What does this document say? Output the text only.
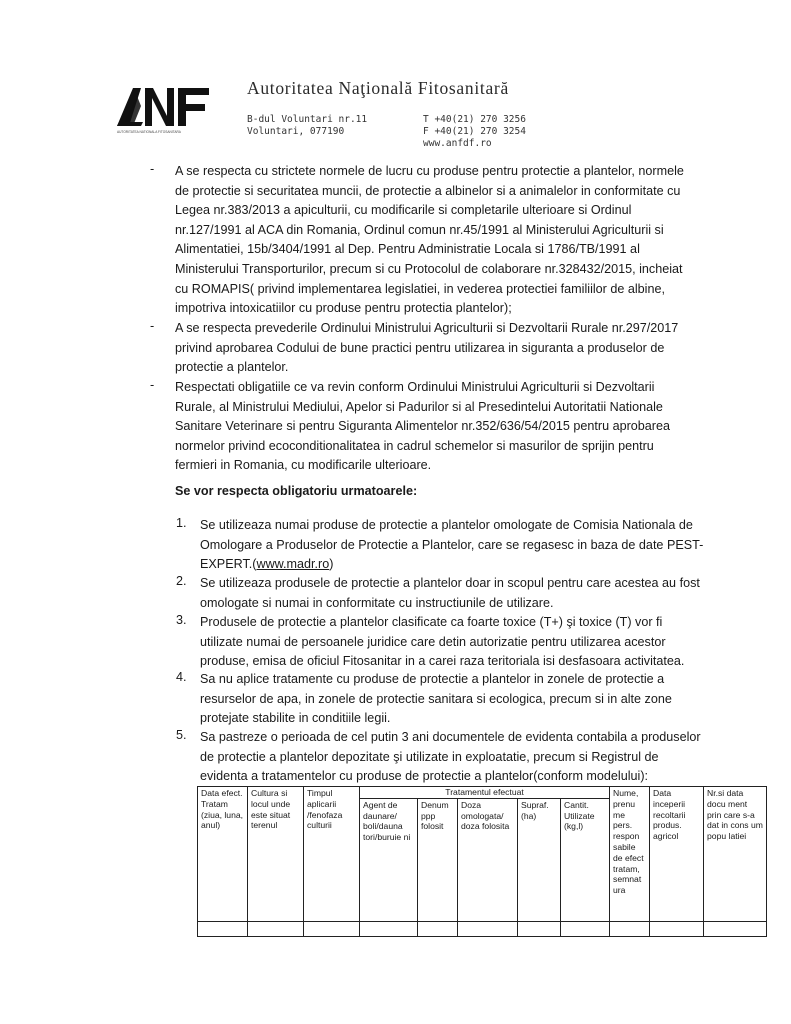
AUTORITATEA NATIONALA FITOSANITARA
Autoritatea Naţională Fitosanitară
B-dul Voluntari nr.11
Voluntari, 077190
T +40(21) 270 3256
F +40(21) 270 3254
www.anfdf.ro
- A se respecta cu strictete normele de lucru cu produse pentru protectie a plantelor, normele
de protectie si securitatea muncii, de protectie a albinelor si a animalelor in conformitate cu
Legea nr.383/2013 a apiculturii, cu modificarile si completarile ulterioare si Ordinul
nr.127/1991 al ACA din Romania, Ordinul comun nr.45/1991 al Ministerului Agriculturii si
Alimentatiei, 15b/3404/1991 al Dep. Pentru Administratie Locala si 1786/TB/1991 al
Ministerului Transporturilor, precum si cu Protocolul de colaborare nr.328432/2015, incheiat
cu ROMAPIS( privind implementarea legislatiei, in vederea protectiei familiilor de albine,
impotriva intoxicatiilor cu produse pentru protectia plantelor);
- A se respecta prevederile Ordinului Ministrului Agriculturii si Dezvoltarii Rurale nr.297/2017
privind aprobarea Codului de bune practici pentru utilizarea in siguranta a produselor de
protectie a plantelor.
- Respectati obligatiile ce va revin conform Ordinului Ministrului Agriculturii si Dezvoltarii
Rurale, al Ministrului Mediului, Apelor si Padurilor si al Presedintelui Autoritatii Nationale
Sanitare Veterinare si pentru Siguranta Alimentelor nr.352/636/54/2015 pentru aprobarea
normelor privind ecoconditionalitatea in cadrul schemelor si masurilor de sprijin pentru
fermieri in Romania, cu modificarile ulterioare.
Se vor respecta obligatoriu urmatoarele:
1. Se utilizeaza numai produse de protectie a plantelor omologate de Comisia Nationala de
Omologare a Produselor de Protectie a Plantelor, care se regasesc in baza de date PEST-
EXPERT.(www.madr.ro)
2. Se utilizeaza produsele de protectie a plantelor doar in scopul pentru care acestea au fost
omologate si numai in conformitate cu instructiunile de utilizare.
3. Produsele de protectie a plantelor clasificate ca foarte toxice (T+) şi toxice (T) vor fi
utilizate numai de persoanele juridice care detin autorizatie pentru utilizarea acestor
produse, emisa de oficiul Fitosanitar in a carei raza teritoriala isi desfasoara activitatea.
4. Sa nu aplice tratamente cu produse de protectie a plantelor in zonele de protectie a
resurselor de apa, in zonele de protectie sanitara si ecologica, precum si in alte zone
protejate stabilite in conditiile legii.
5. Sa pastreze o perioada de cel putin 3 ani documentele de evidenta contabila a produselor
de protectie a plantelor depozitate şi utilizate in exploatatie, precum si Registrul de
evidenta a tratamentelor cu produse de protectie a plantelor(conform modelului):
Data efect. Tratam (ziua, luna, anul)	Cultura si locul unde este situat terenul	Timpul aplicarii /fenofaza culturii	Tratamentul efectuat					Nume, prenu me pers. respon sabile de efect tratam, semnat ura	Data inceperii recoltarii produs. agricol	Nr.si data docu ment prin care s-a dat in cons um popu latiei
			Agent de daunare/ boli/dauna tori/buruie ni	Denum ppp folosit	Doza omologata/ doza folosita	Supraf. (ha)	Cantit. Utilizate (kg,l)			
